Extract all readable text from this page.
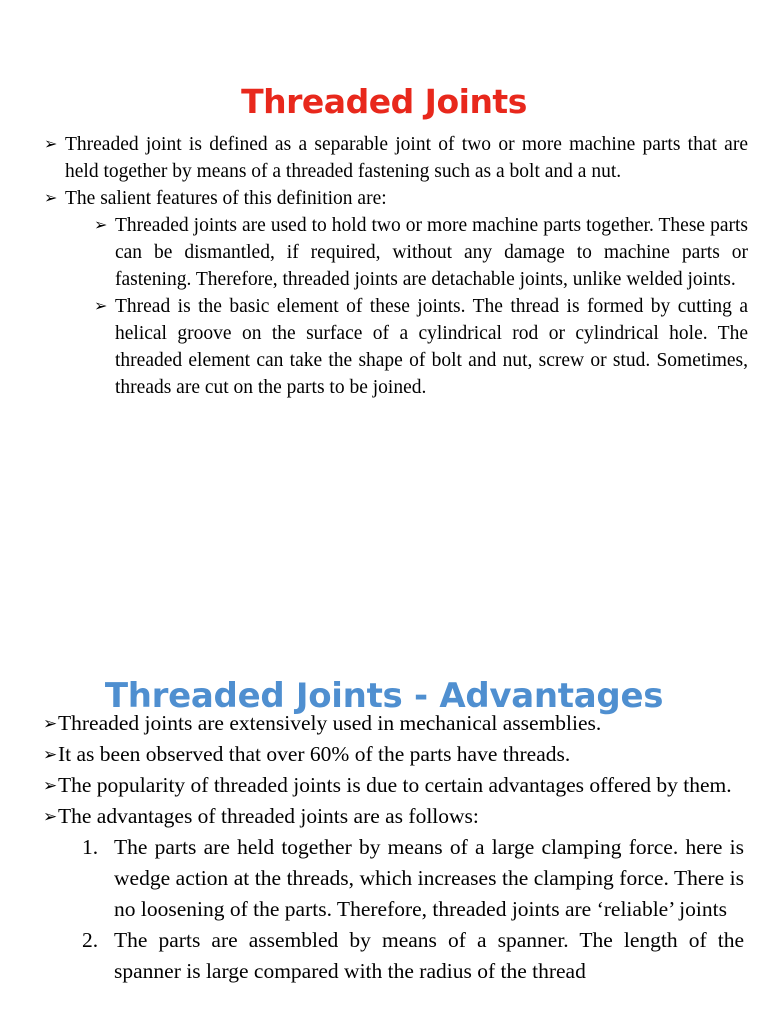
Threaded Joints
➢ Threaded joint is defined as a separable joint of two or more machine parts that are held together by means of a threaded fastening such as a bolt and a nut.
➢ The salient features of this definition are:
➢ Threaded joints are used to hold two or more machine parts together. These parts can be dismantled, if required, without any damage to machine parts or fastening. Therefore, threaded joints are detachable joints, unlike welded joints.
➢ Thread is the basic element of these joints. The thread is formed by cutting a helical groove on the surface of a cylindrical rod or cylindrical hole. The threaded element can take the shape of bolt and nut, screw or stud. Sometimes, threads are cut on the parts to be joined.
Threaded Joints - Advantages
➢ Threaded joints are extensively used in mechanical assemblies.
➢ It as been observed that over 60% of the parts have threads.
➢ The popularity of threaded joints is due to certain advantages offered by them.
➢ The advantages of threaded joints are as follows:
1. The parts are held together by means of a large clamping force. here is wedge action at the threads, which increases the clamping force. There is no loosening of the parts. Therefore, threaded joints are ‘reliable’ joints
2. The parts are assembled by means of a spanner. The length of the spanner is large compared with the radius of the thread
